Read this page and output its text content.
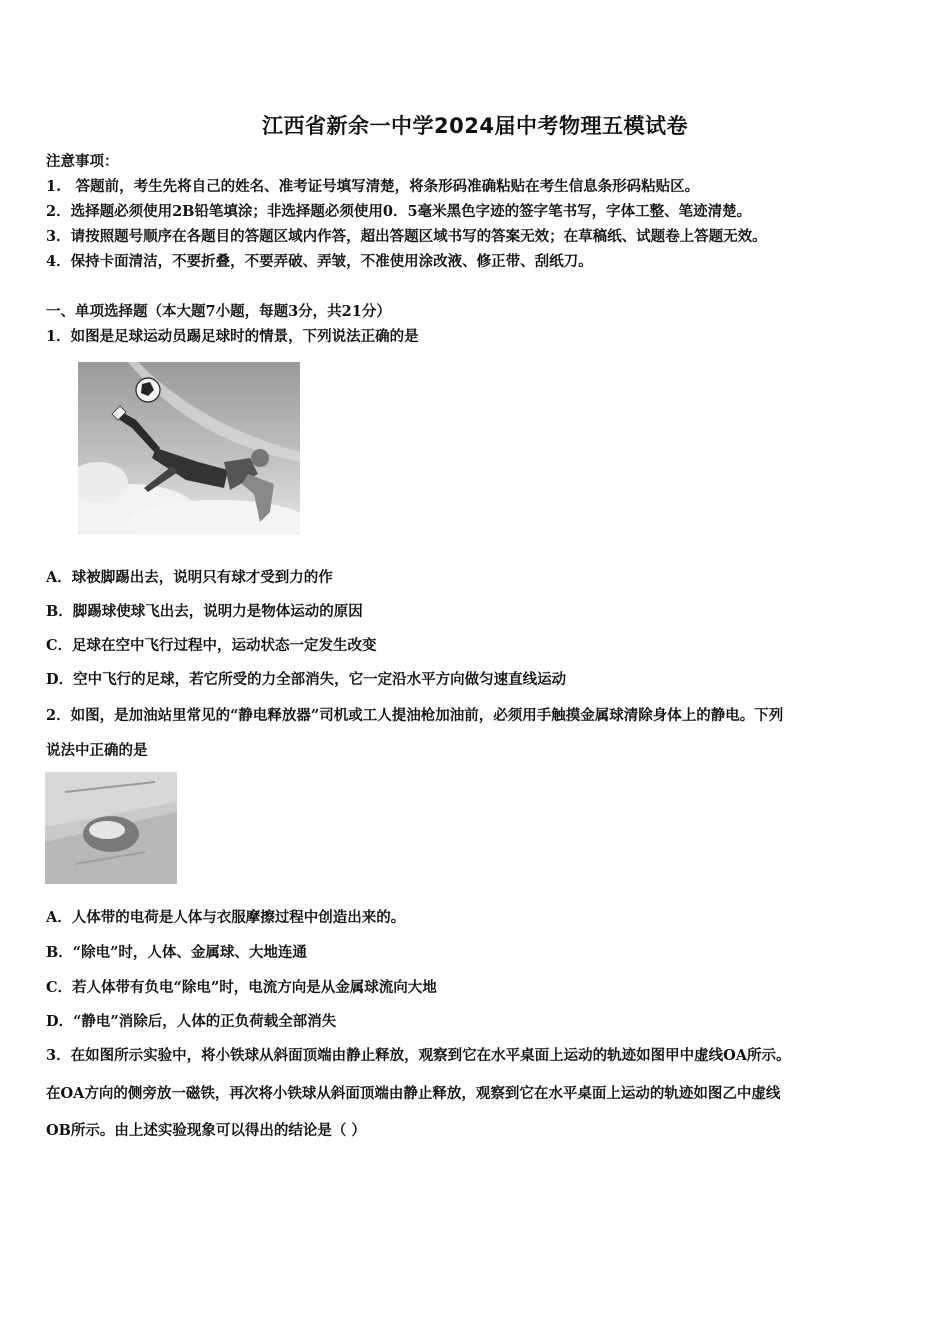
江西省新余一中学2024届中考物理五模试卷
注意事项：
1.　答题前，考生先将自己的姓名、准考证号填写清楚，将条形码准确粘贴在考生信息条形码粘贴区。
2．选择题必须使用2B铅笔填涂；非选择题必须使用0．5毫米黑色字迹的签字笔书写，字体工整、笔迹清楚。
3．请按照题号顺序在各题目的答题区域内作答，超出答题区域书写的答案无效；在草稿纸、试题卷上答题无效。
4．保持卡面清洁，不要折叠，不要弄破、弄皱，不准使用涂改液、修正带、刮纸刀。
一、单项选择题（本大题7小题，每题3分，共21分）
1．如图是足球运动员踢足球时的情景，下列说法正确的是
A．球被脚踢出去，说明只有球才受到力的作
B．脚踢球使球飞出去，说明力是物体运动的原因
C．足球在空中飞行过程中，运动状态一定发生改变
D．空中飞行的足球，若它所受的力全部消失，它一定沿水平方向做匀速直线运动
2．如图，是加油站里常见的“静电释放器”司机或工人提油枪加油前，必须用手触摸金属球清除身体上的静电。下列
说法中正确的是
A．人体带的电荷是人体与衣服摩擦过程中创造出来的。
B．“除电”时，人体、金属球、大地连通
C．若人体带有负电“除电”时，电流方向是从金属球流向大地
D．“静电”消除后，人体的正负荷载全部消失
3．在如图所示实验中，将小铁球从斜面顶端由静止释放，观察到它在水平桌面上运动的轨迹如图甲中虚线OA所示。
在OA方向的侧旁放一磁铁，再次将小铁球从斜面顶端由静止释放，观察到它在水平桌面上运动的轨迹如图乙中虚线
OB所示。由上述实验现象可以得出的结论是（ ）
